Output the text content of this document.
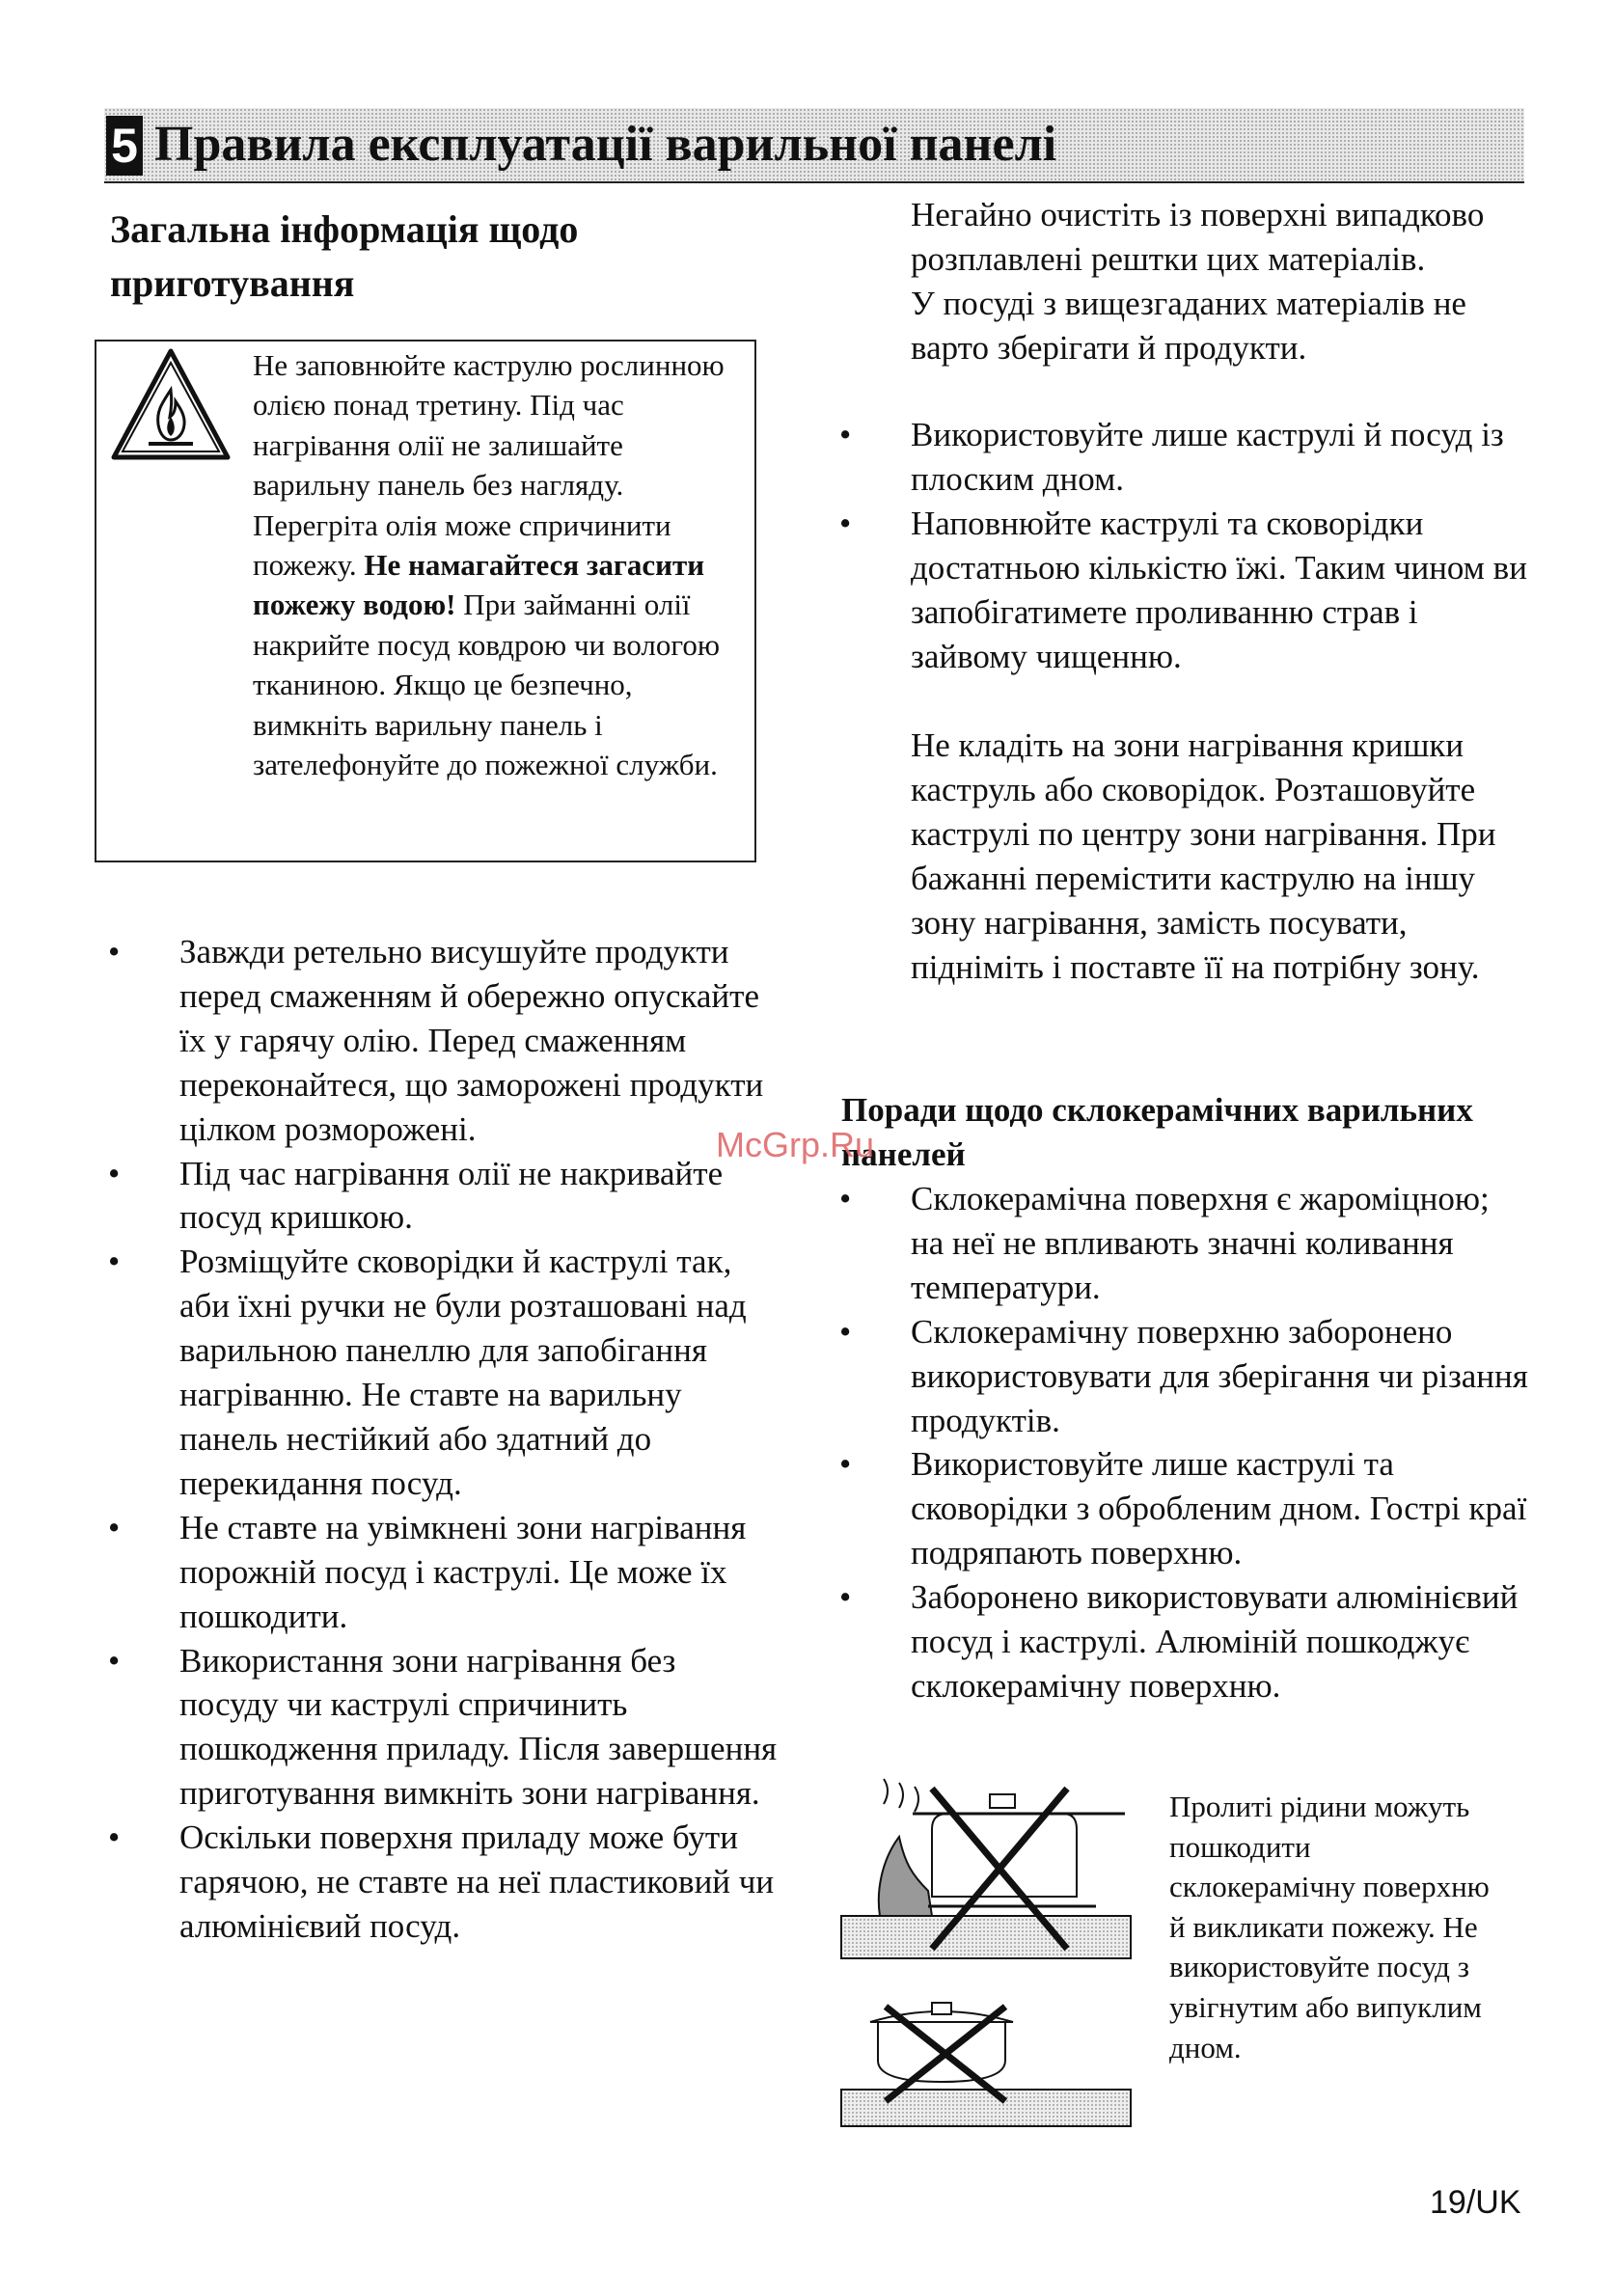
5 Правила експлуатації варильної панелі
Загальна інформація щодо приготування
Не заповнюйте каструлю рослинною олією понад третину. Під час нагрівання олії не залишайте варильну панель без нагляду. Перегріта олія може спричинити пожежу. Не намагайтеся загасити пожежу водою! При займанні олії накрийте посуд ковдрою чи вологою тканиною. Якщо це безпечно, вимкніть варильну панель і зателефонуйте до пожежної служби.
• Завжди ретельно висушуйте продукти перед смаженням й обережно опускайте їх у гарячу олію. Перед смаженням переконайтеся, що заморожені продукти цілком розморожені.
• Під час нагрівання олії не накривайте посуд кришкою.
• Розміщуйте сковорідки й каструлі так, аби їхні ручки не були розташовані над варильною панеллю для запобігання нагріванню. Не ставте на варильну панель нестійкий або здатний до перекидання посуд.
• Не ставте на увімкнені зони нагрівання порожній посуд і каструлі. Це може їх пошкодити.
• Використання зони нагрівання без посуду чи каструлі спричинить пошкодження приладу. Після завершення приготування вимкніть зони нагрівання.
• Оскільки поверхня приладу може бути гарячою, не ставте на неї пластиковий чи алюмінієвий посуд.

Негайно очистіть із поверхні випадково розплавлені рештки цих матеріалів.

У посуді з вищезгаданих матеріалів не варто зберігати й продукти.

• Використовуйте лише каструлі й посуд із плоским дном.
• Наповнюйте каструлі та сковорідки достатньою кількістю їжі. Таким чином ви запобігатимете проливанню страв і зайвому чищенню.

Не кладіть на зони нагрівання кришки каструль або сковорідок. Розташовуйте каструлі по центру зони нагрівання. При бажанні перемістити каструлю на іншу зону нагрівання, замість посувати, підніміть і поставте її на потрібну зону.

Поради щодо склокерамічних варильних панелей
• Склокерамічна поверхня є жароміцною; на неї не впливають значні коливання температури.
• Склокерамічну поверхню заборонено використовувати для зберігання чи різання продуктів.
• Використовуйте лише каструлі та сковорідки з обробленим дном. Гострі краї подряпають поверхню.
• Заборонено використовувати алюмінієвий посуд і каструлі. Алюміній пошкоджує склокерамічну поверхню.
Пролиті рідини можуть пошкодити склокерамічну поверхню й викликати пожежу. Не використовуйте посуд з увігнутим або випуклим дном.
McGrp.Ru
19/UK
